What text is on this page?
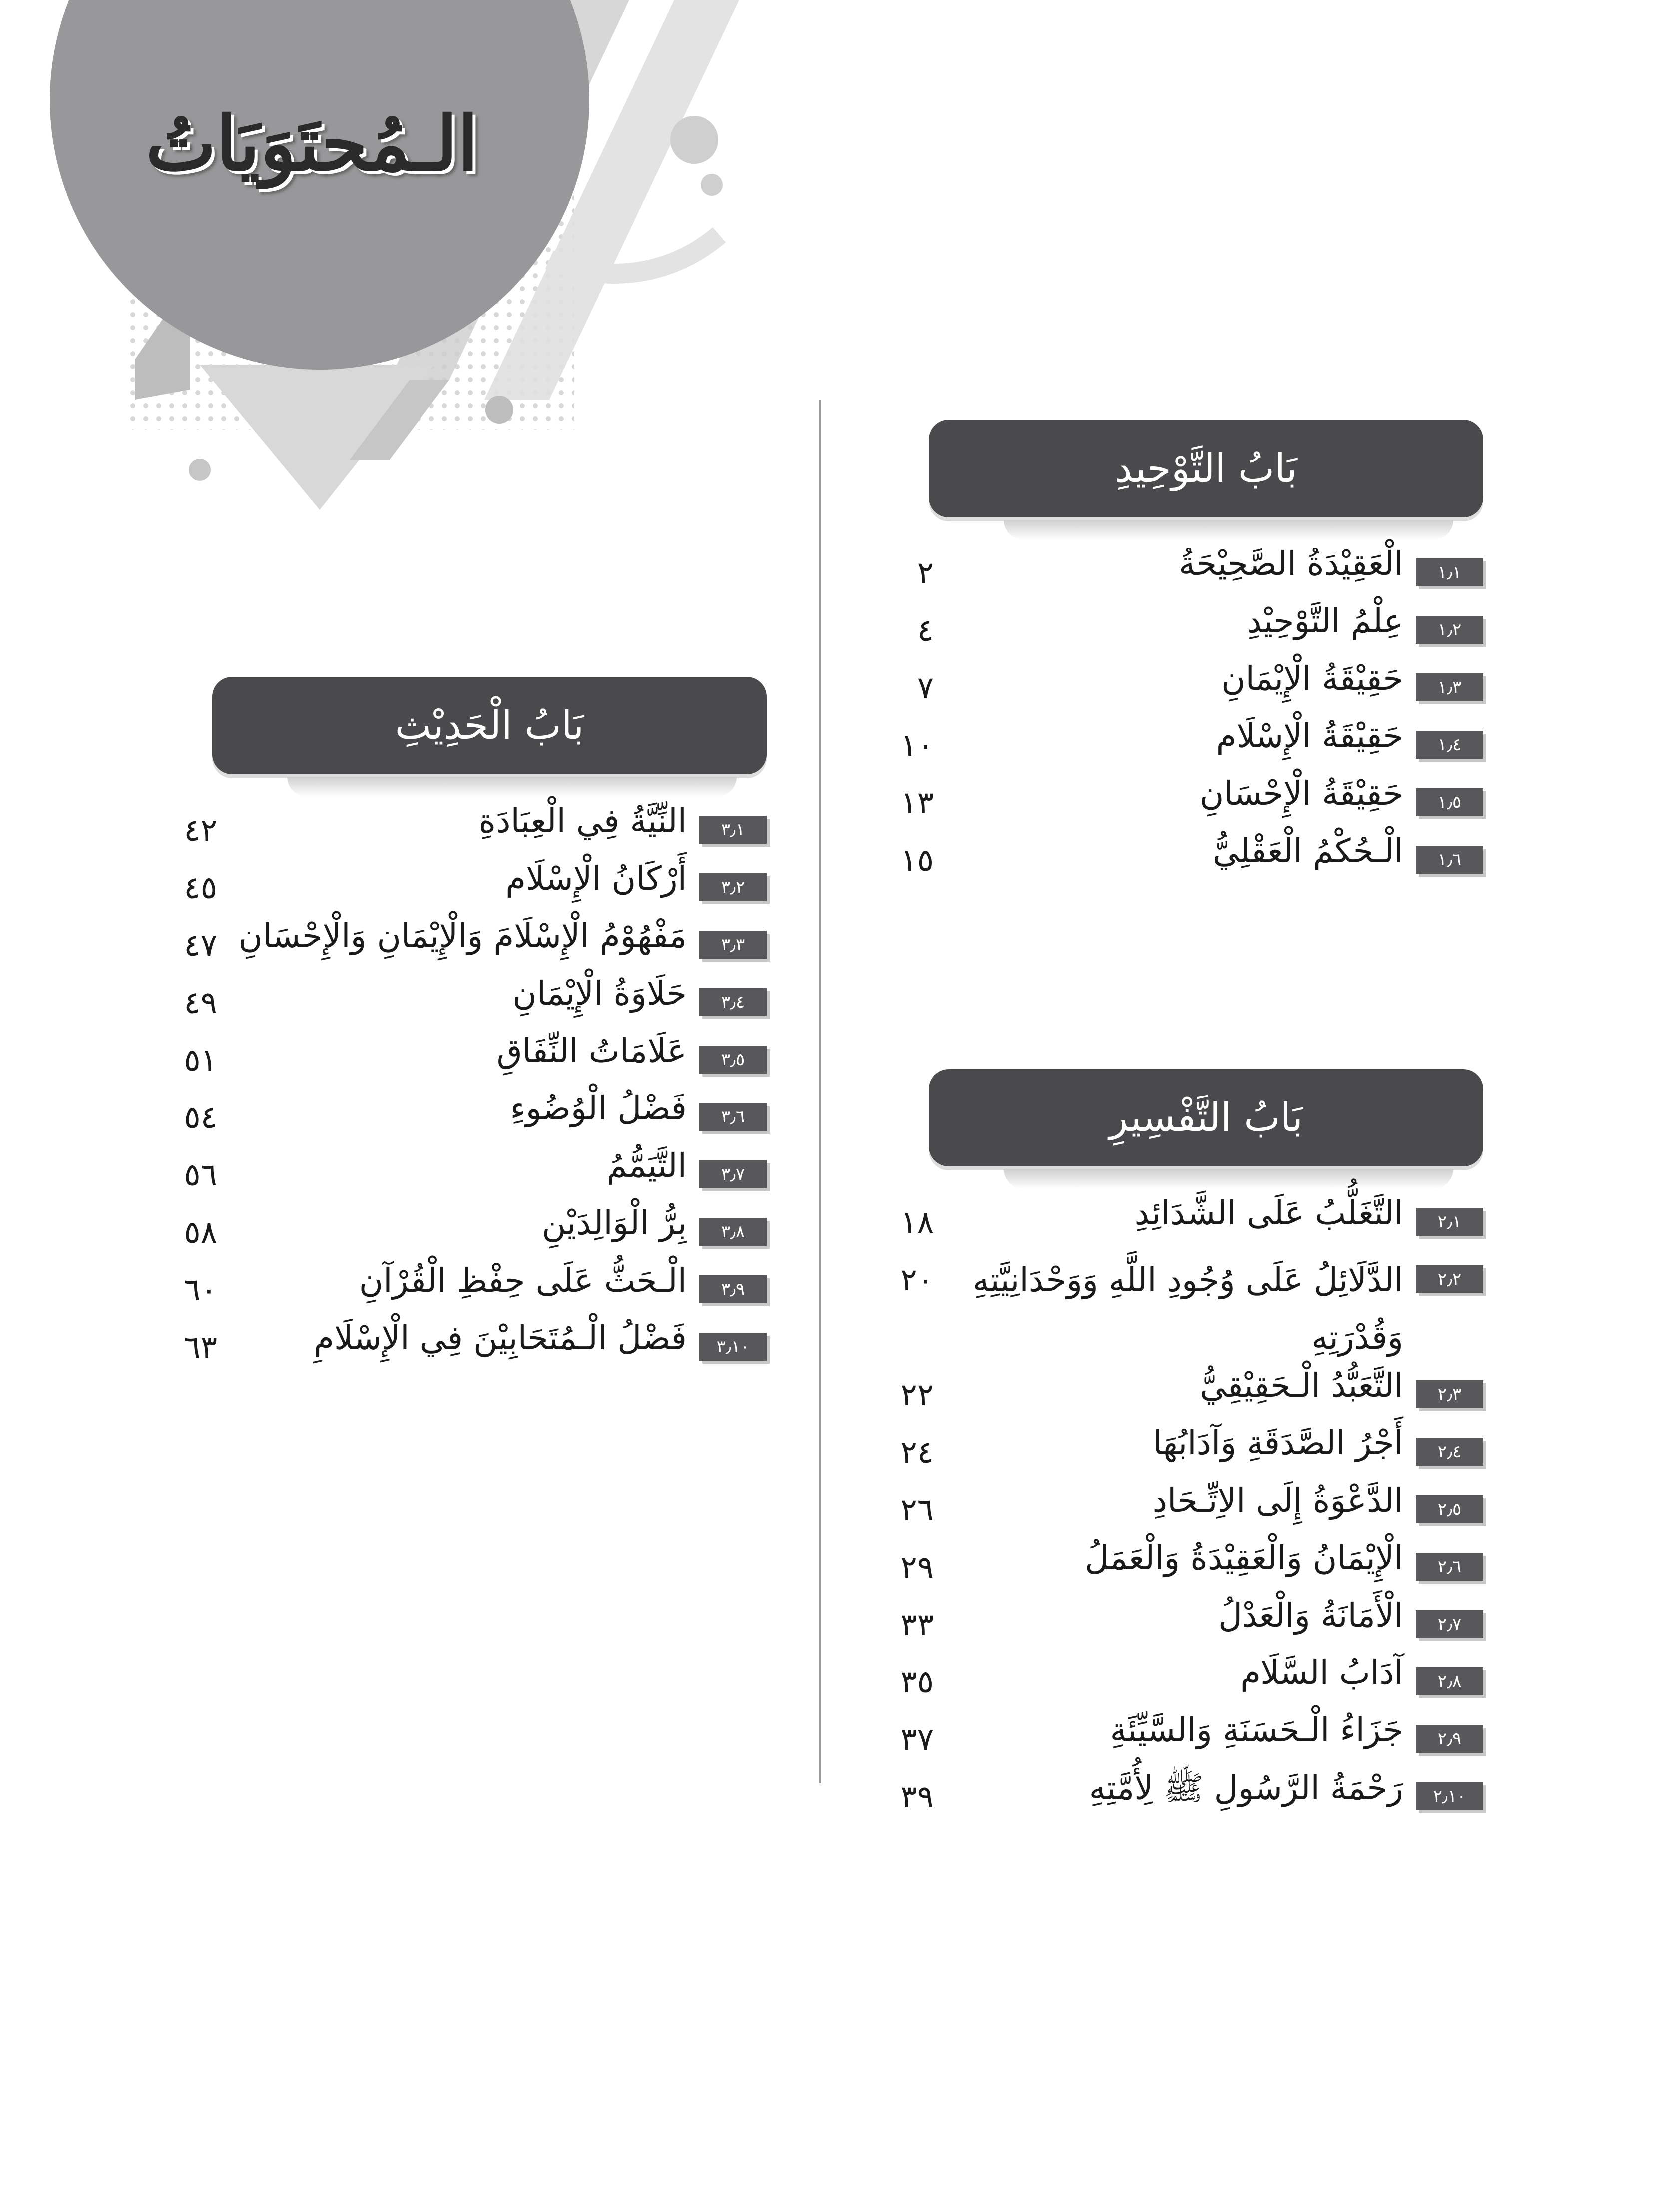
الـمُحتَوَيَاتُ
بَابُ التَّوْحِيدِ
١٫١
الْعَقِيْدَةُ الصَّحِيْحَةُ
٢
١٫٢
عِلْمُ التَّوْحِيْدِ
٤
١٫٣
حَقِيْقَةُ الْإِيْمَانِ
٧
١٫٤
حَقِيْقَةُ الْإِسْلَام
١٠
١٫٥
حَقِيْقَةُ الْإِحْسَانِ
١٣
١٫٦
الْـحُكْمُ الْعَقْلِيُّ
١٥
بَابُ التَّفْسِيرِ
٢٫١
التَّغَلُّبُ عَلَى الشَّدَائِدِ
١٨
٢٫٢
الدَّلَائِلُ عَلَى وُجُودِ اللَّهِ وَوَحْدَانِيَّتِهِ وَقُدْرَتِهِ
٢٠
٢٫٣
التَّعَبُّدُ الْـحَقِيْقِيُّ
٢٢
٢٫٤
أَجْرُ الصَّدَقَةِ وَآدَابُهَا
٢٤
٢٫٥
الدَّعْوَةُ إِلَى الاِتِّـحَادِ
٢٦
٢٫٦
الْإِيْمَانُ وَالْعَقِيْدَةُ وَالْعَمَلُ
٢٩
٢٫٧
الْأَمَانَةُ وَالْعَدْلُ
٣٣
٢٫٨
آدَابُ السَّلَام
٣٥
٢٫٩
جَزَاءُ الْـحَسَنَةِ وَالسَّيِّئَةِ
٣٧
٢٫١٠
رَحْمَةُ الرَّسُولِ ﷺ لِأُمَّتِهِ
٣٩
بَابُ الْحَدِيْثِ
٣٫١
النِّيَّةُ فِي الْعِبَادَةِ
٤٢
٣٫٢
أَرْكَانُ الْإِسْلَام
٤٥
٣٫٣
مَفْهُوْمُ الْإِسْلَامَ وَالْإِيْمَانِ وَالْإِحْسَانِ
٤٧
٣٫٤
حَلَاوَةُ الْإِيْمَانِ
٤٩
٣٫٥
عَلَامَاتُ النِّفَاقِ
٥١
٣٫٦
فَضْلُ الْوُضُوءِ
٥٤
٣٫٧
التَّيَمُّمُ
٥٦
٣٫٨
بِرُّ الْوَالِدَيْنِ
٥٨
٣٫٩
الْـحَثُّ عَلَى حِفْظِ الْقُرْآنِ
٦٠
٣٫١٠
فَضْلُ الْـمُتَحَابِيْنَ فِي الْإِسْلَامِ
٦٣
